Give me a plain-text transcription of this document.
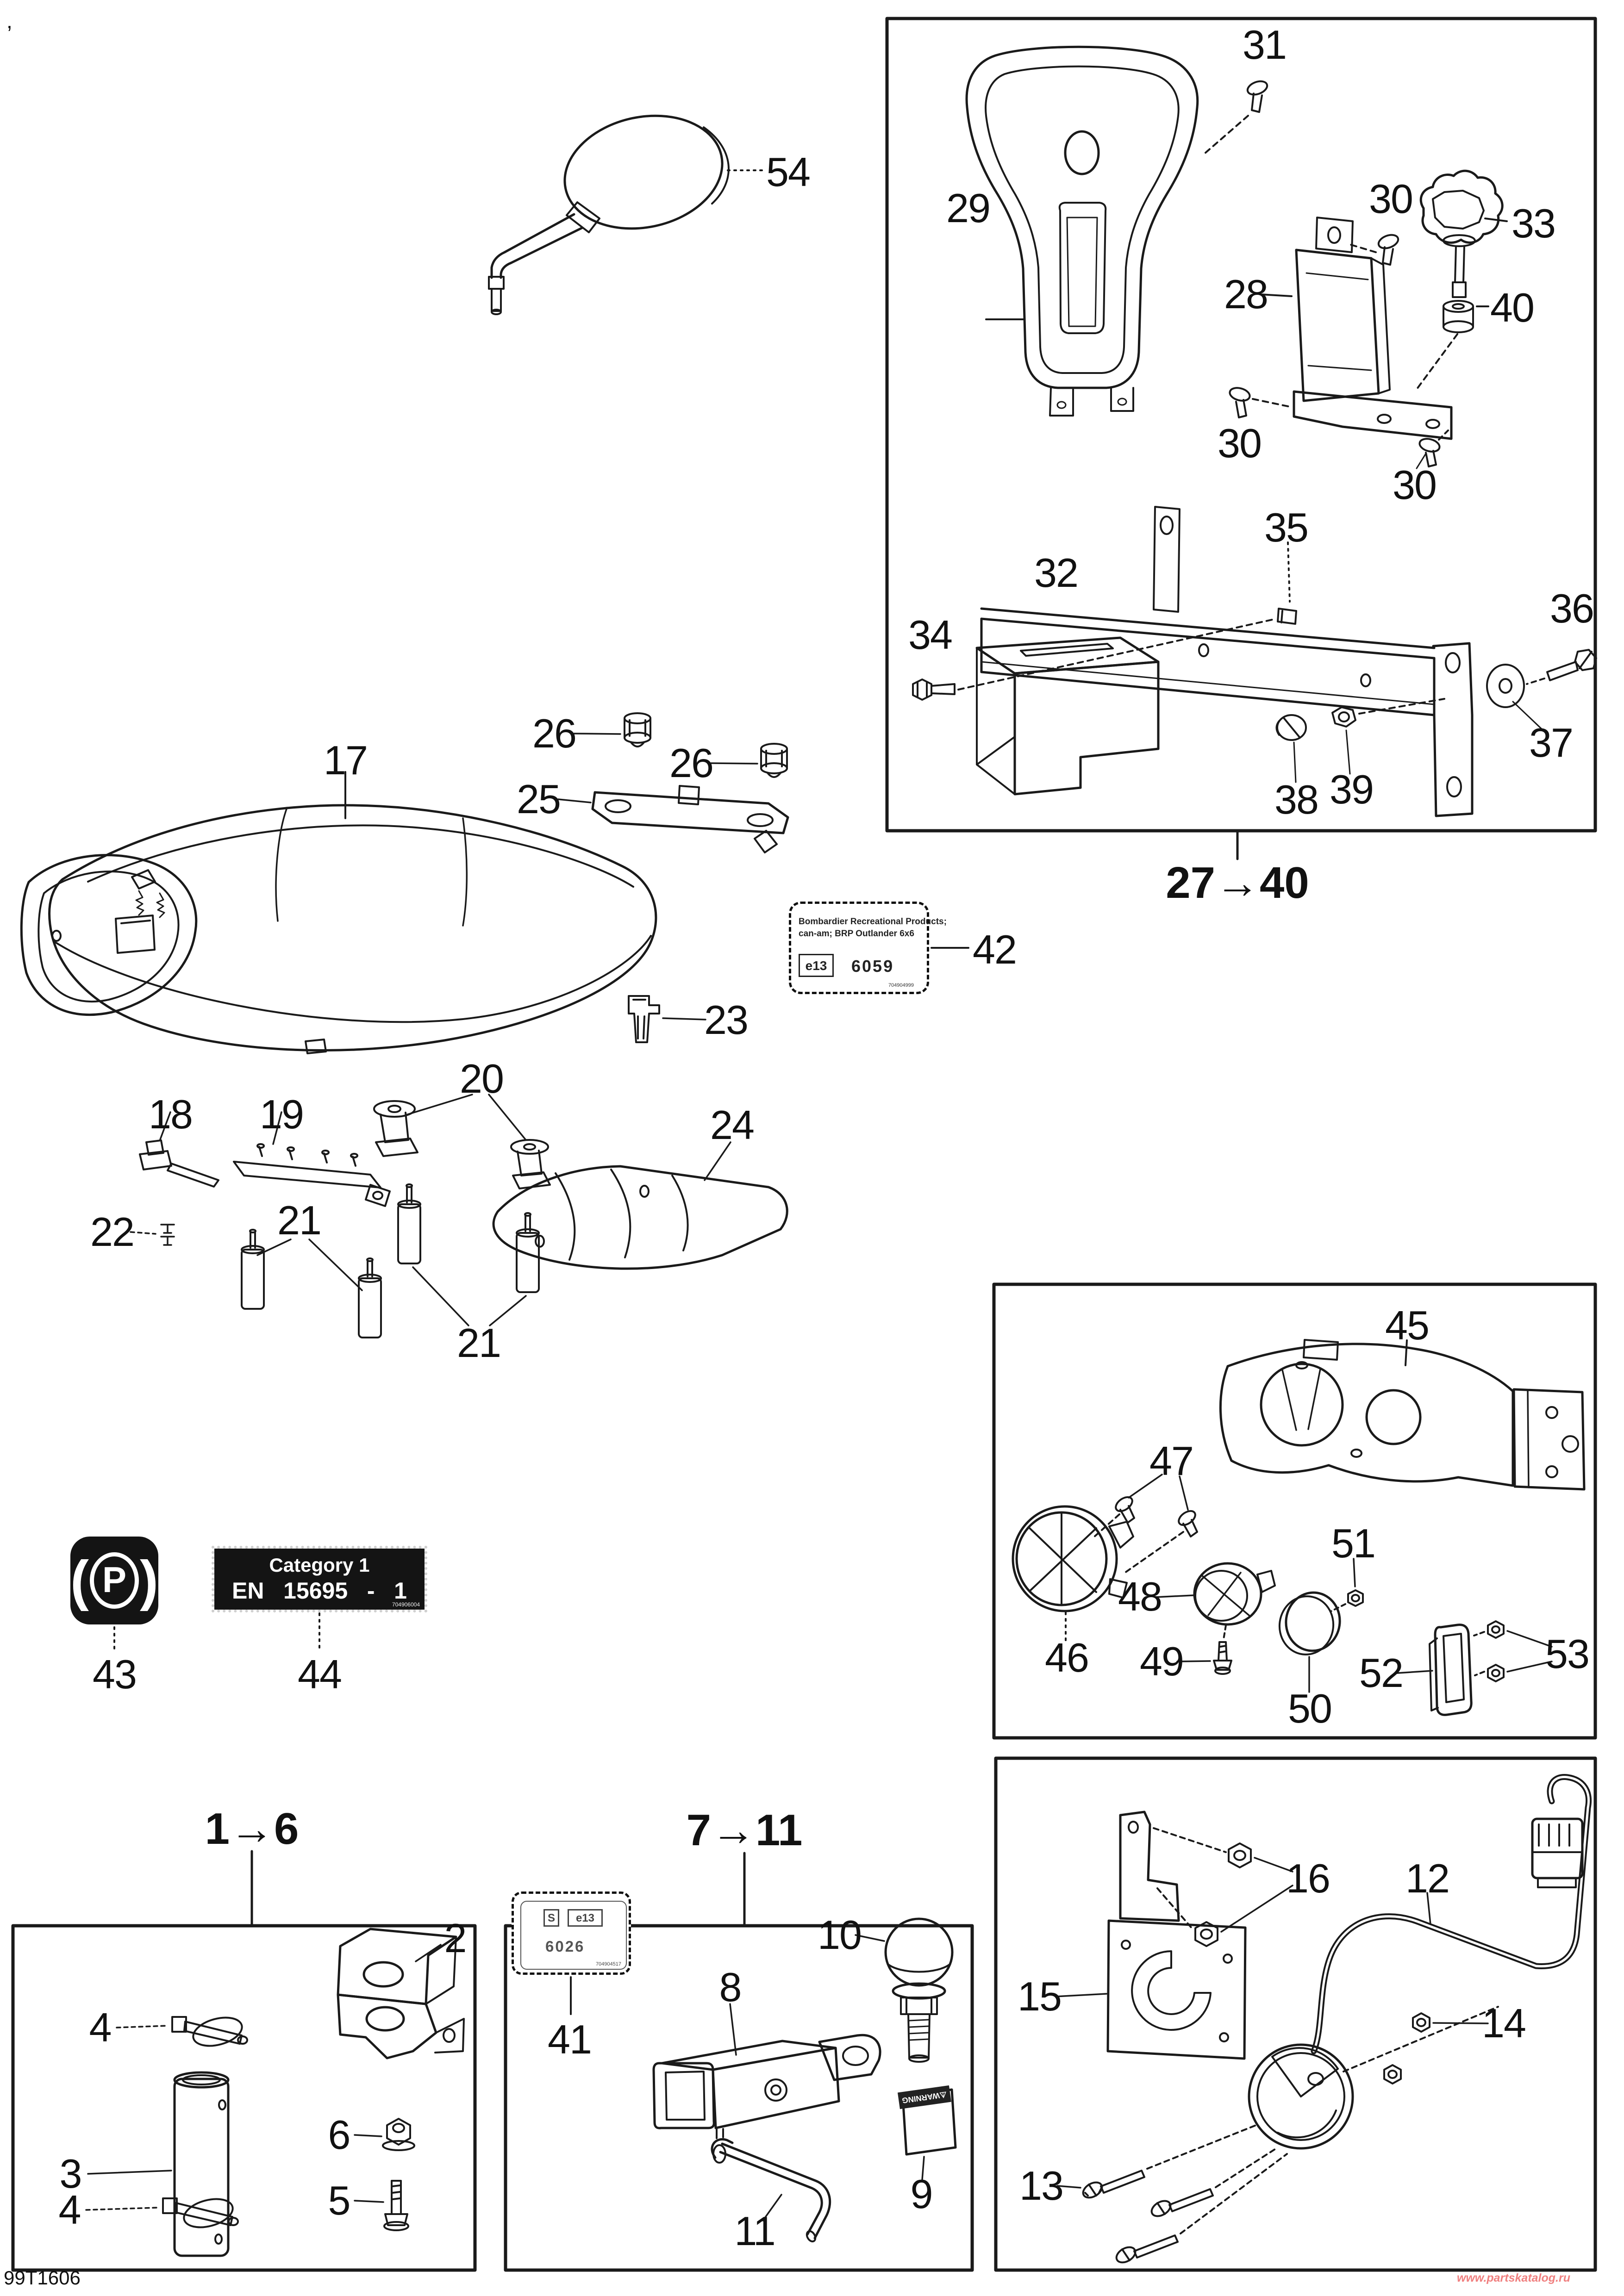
,
Bombardier Recreational Products;
can-am; BRP Outlander 6x6
e13	6059
704904999
S	e13
6026
704904517
Category 1
EN   15695   -   1
704906004
( P )
⚠WARNING
99T1606	www.partskatalog.ru
54
29
31
30
33
28	40
30
30
35
32
34
36
37
38 39
17
26
26
25
42
23
20
18 19	24
22	21
21
43	44
45
47
46
48
49
51
50
52	53
15
16 12
14
13
2
4
3
4
6
5
41
10
8
9
11
27→40
1→6	7→11
